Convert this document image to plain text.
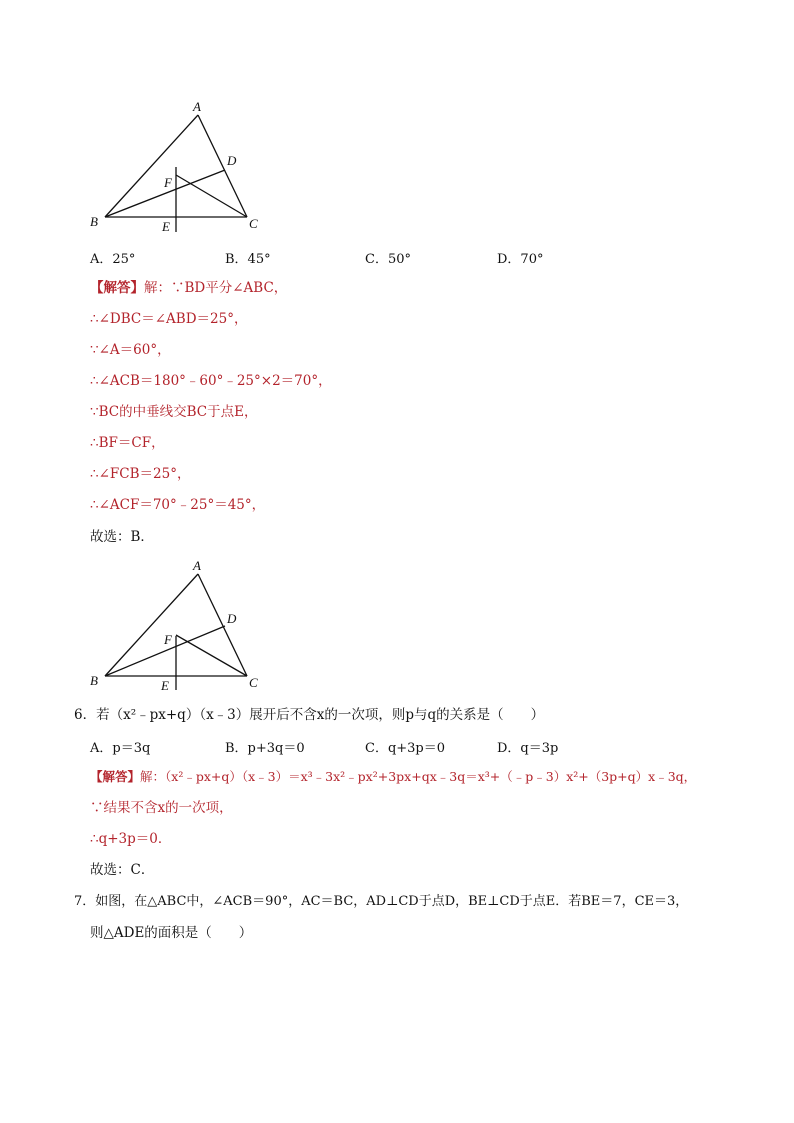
A
D
F
B	E	C
A．25°	B．45°	C．50°	D．70°
【解答】解：∵BD平分∠ABC，
∴∠DBC＝∠ABD＝25°，
∵∠A＝60°，
∴∠ACB＝180°﹣60°﹣25°×2＝70°，
∵BC的中垂线交BC于点E，
∴BF＝CF，
∴∠FCB＝25°，
∴∠ACF＝70°﹣25°＝45°，
故选：B．
A
D
F
B	E	C
6．若（x²﹣px+q）（x﹣3）展开后不含x的一次项，则p与q的关系是（　　）
A．p＝3q	B．p+3q＝0	C．q+3p＝0	D．q＝3p
【解答】解：（x²﹣px+q）（x﹣3）＝x³﹣3x²﹣px²+3px+qx﹣3q＝x³+（﹣p﹣3）x²+（3p+q）x﹣3q，
∵结果不含x的一次项，
∴q+3p＝0．
故选：C．
7．如图，在△ABC中，∠ACB＝90°，AC＝BC，AD⊥CD于点D，BE⊥CD于点E．若BE＝7，CE＝3，
则△ADE的面积是（　　）
